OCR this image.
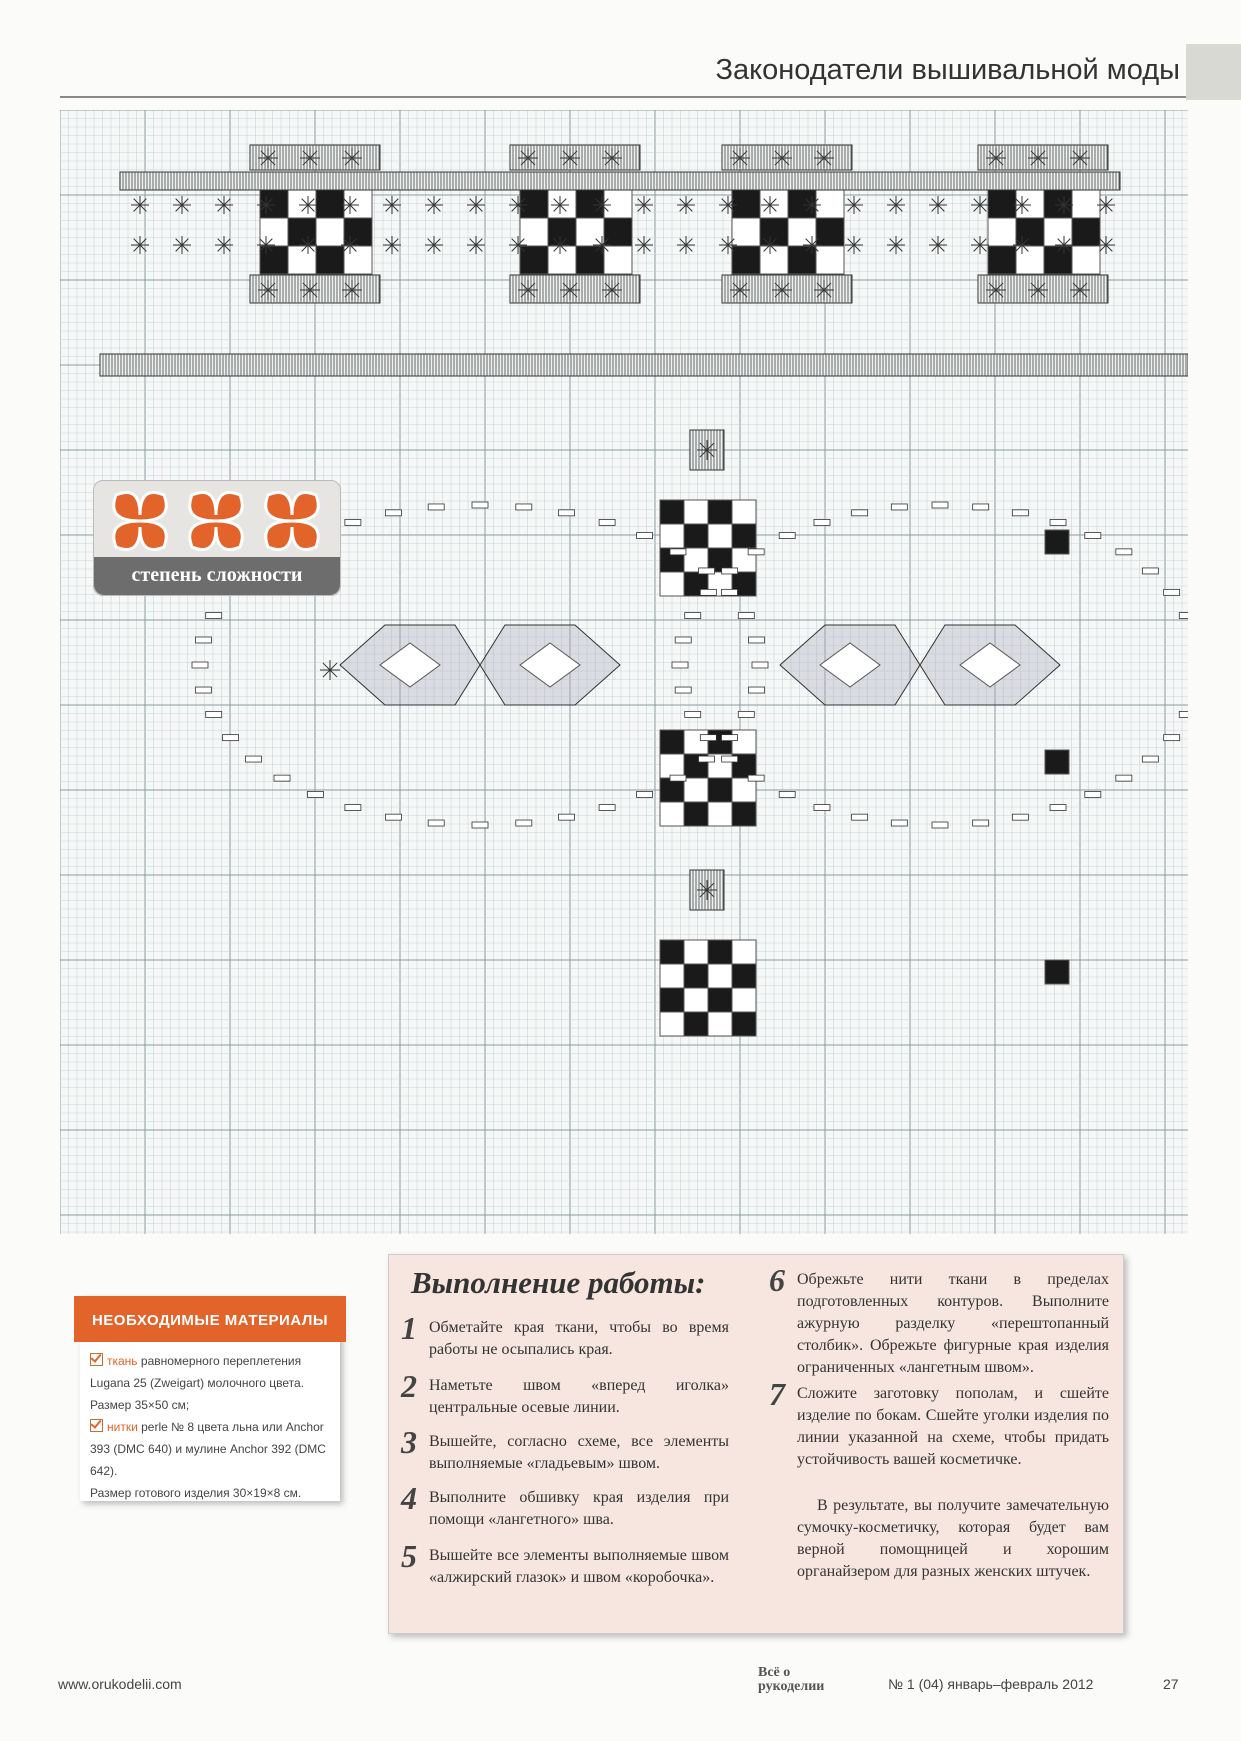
Законодатели вышивальной моды
степень сложности
НЕОБХОДИМЫЕ МАТЕРИАЛЫ
ткань равномерного переплетения Lugana 25 (Zweigart) молочного цвета. Размер 35×50 см;
нитки perle № 8 цвета льна или Anchor 393 (DMC 640) и мулине Anchor 392 (DMC 642).
Размер готового изделия 30×19×8 см.
Выполнение работы:
1 Обметайте края ткани, чтобы во время работы не осыпались края.
2 Наметьте швом «вперед иголка» центральные осевые линии.
3 Вышейте, согласно схеме, все элементы выполняемые «гладьевым» швом.
4 Выполните обшивку края изделия при помощи «лангетного» шва.
5 Вышейте все элементы выполняемые швом «алжирский глазок» и швом «коробочка».
6 Обрежьте нити ткани в пределах подготовленных контуров. Выполните ажурную разделку «перештопанный столбик». Обрежьте фигурные края изделия ограниченных «лангетным швом».
7 Сложите заготовку пополам, и сшейте изделие по бокам. Сшейте уголки изделия по линии указанной на схеме, чтобы придать устойчивость вашей косметичке.
В результате, вы получите замечательную сумочку-косметичку, которая будет вам верной помощницей и хорошим органайзером для разных женских штучек.
www.orukodelii.com
Всё о рукоделии	№ 1 (04) январь–февраль 2012	27
